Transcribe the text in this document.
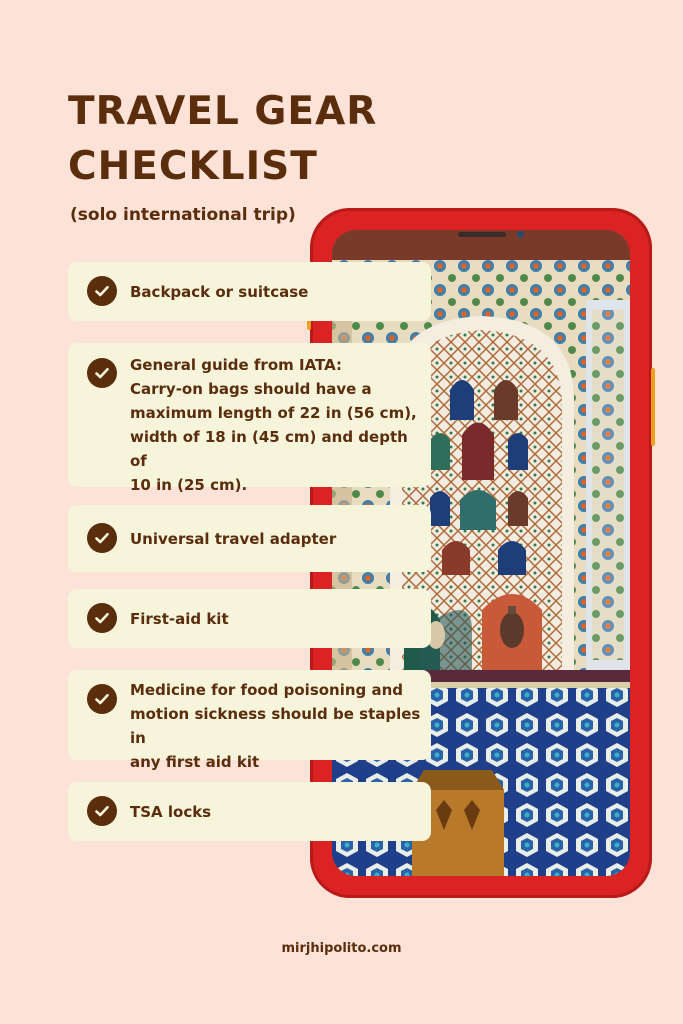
TRAVEL GEAR CHECKLIST
(solo international trip)

Backpack or suitcase

General guide from IATA:
Carry-on bags should have a
maximum length of 22 in (56 cm),
width of 18 in (45 cm) and depth of
10 in (25 cm).

Universal travel adapter

First-aid kit

Medicine for food poisoning and
motion sickness should be staples in
any first aid kit

TSA locks

mirjhipolito.com
